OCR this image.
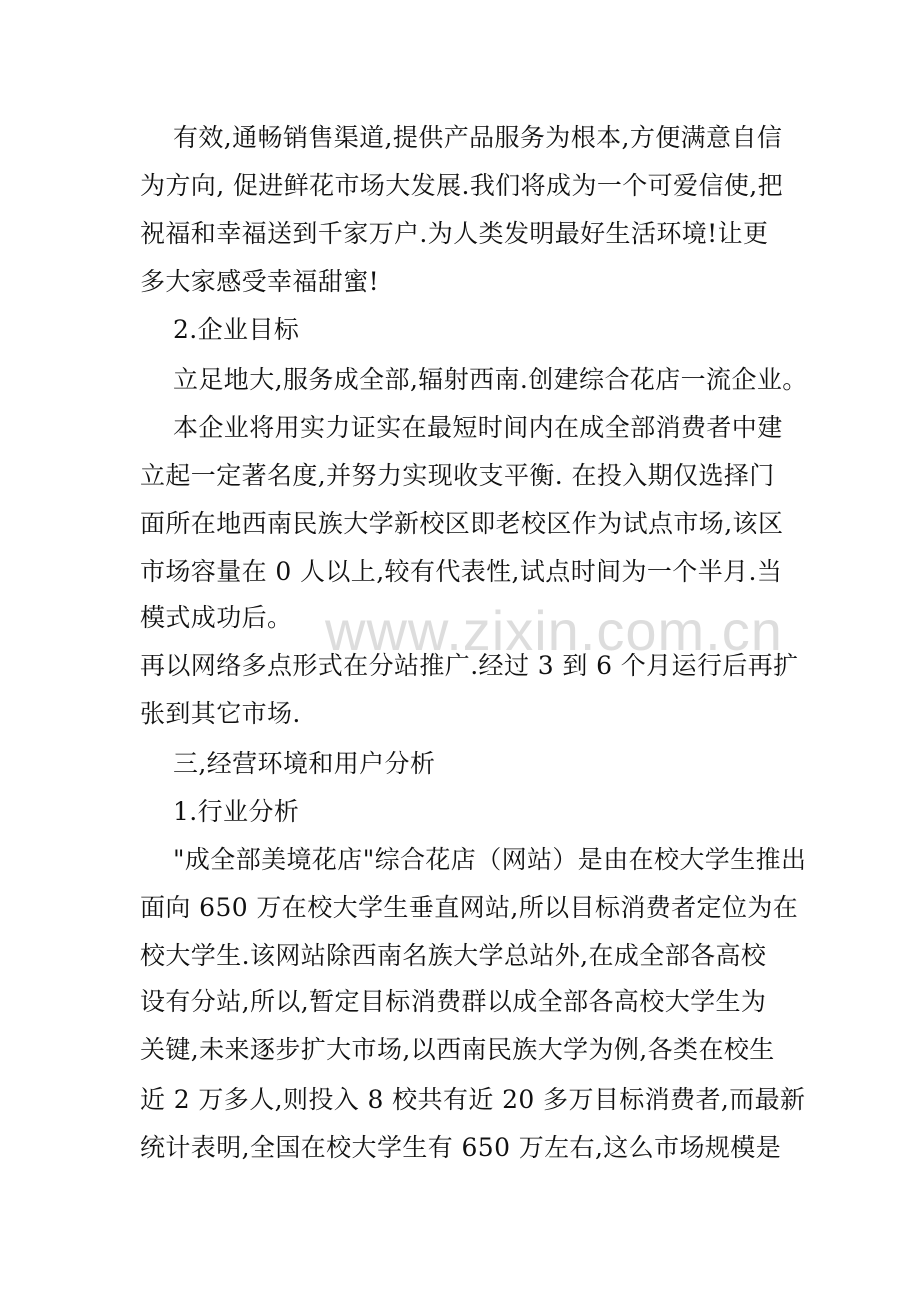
有效,通畅销售渠道,提供产品服务为根本,方便满意自信
为方向, 促进鲜花市场大发展.我们将成为一个可爱信使,把
祝福和幸福送到千家万户.为人类发明最好生活环境!让更
多大家感受幸福甜蜜!
2.企业目标
立足地大,服务成全部,辐射西南.创建综合花店一流企业。
本企业将用实力证实在最短时间内在成全部消费者中建
立起一定著名度,并努力实现收支平衡. 在投入期仅选择门
面所在地西南民族大学新校区即老校区作为试点市场,该区
市场容量在 0 人以上,较有代表性,试点时间为一个半月.当
模式成功后。
再以网络多点形式在分站推广.经过 3 到 6 个月运行后再扩
张到其它市场.
三,经营环境和用户分析
1.行业分析
"成全部美境花店"综合花店（网站）是由在校大学生推出
面向 650 万在校大学生垂直网站,所以目标消费者定位为在
校大学生.该网站除西南名族大学总站外,在成全部各高校
设有分站,所以,暂定目标消费群以成全部各高校大学生为
关键,未来逐步扩大市场,以西南民族大学为例,各类在校生
近 2 万多人,则投入 8 校共有近 20 多万目标消费者,而最新
统计表明,全国在校大学生有 650 万左右,这么市场规模是
www.zixin.com.cn
